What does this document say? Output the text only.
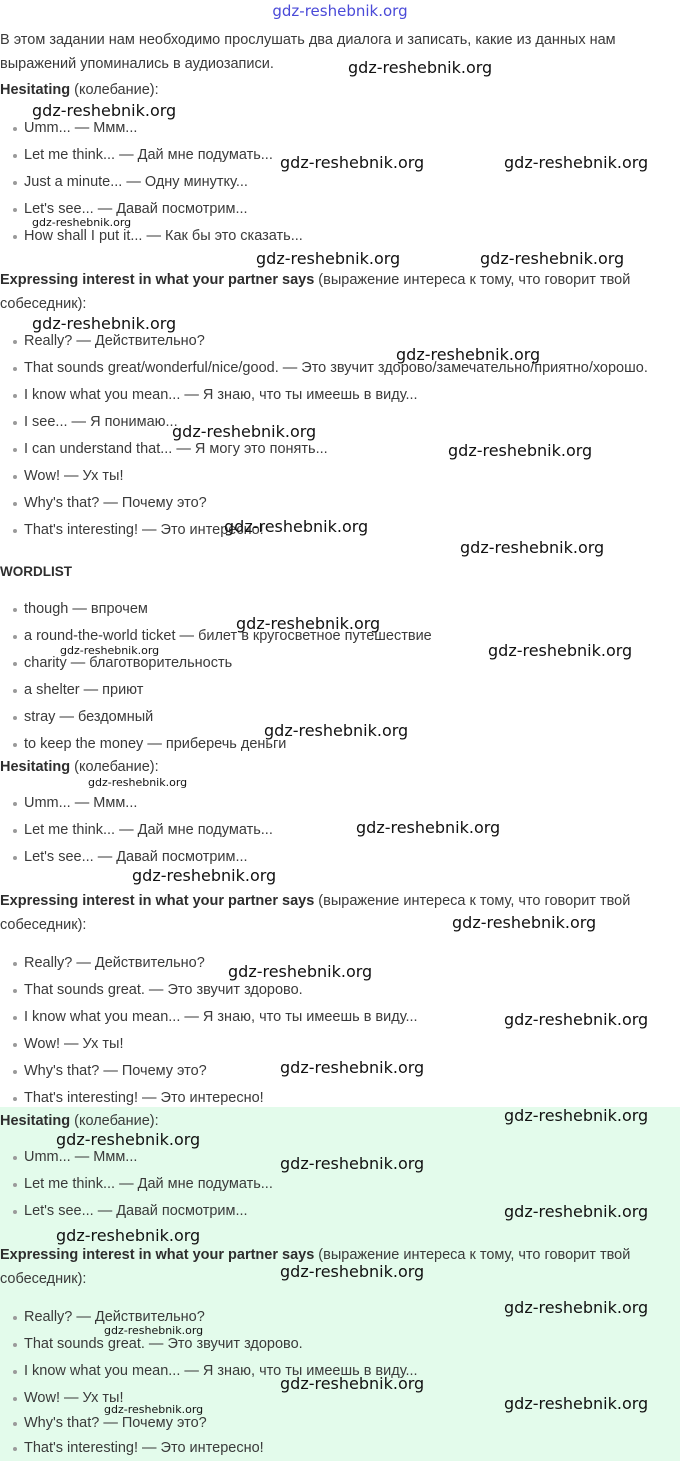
gdz-reshebnik.org
В этом задании нам необходимо прослушать два диалога и записать, какие из данных нам выражений упоминались в аудиозаписи.
Hesitating (колебание):
Umm... — Ммм...
Let me think... — Дай мне подумать...
Just a minute... — Одну минутку...
Let's see... — Давай посмотрим...
How shall I put it... — Как бы это сказать...
Expressing interest in what your partner says (выражение интереса к тому, что говорит твой собеседник):
Really? — Действительно?
That sounds great/wonderful/nice/good. — Это звучит здорово/замечательно/приятно/хорошо.
I know what you mean... — Я знаю, что ты имеешь в виду...
I see... — Я понимаю...
I can understand that... — Я могу это понять...
Wow! — Ух ты!
Why's that? — Почему это?
That's interesting! — Это интересно!
WORDLIST
though — впрочем
a round-the-world ticket — билет в кругосветное путешествие
charity — благотворительность
a shelter — приют
stray — бездомный
to keep the money — приберечь деньги
Hesitating (колебание):
Umm... — Ммм...
Let me think... — Дай мне подумать...
Let's see... — Давай посмотрим...
Expressing interest in what your partner says (выражение интереса к тому, что говорит твой собеседник):
Really? — Действительно?
That sounds great. — Это звучит здорово.
I know what you mean... — Я знаю, что ты имеешь в виду...
Wow! — Ух ты!
Why's that? — Почему это?
That's interesting! — Это интересно!
Hesitating (колебание):
Umm... — Ммм...
Let me think... — Дай мне подумать...
Let's see... — Давай посмотрим...
Expressing interest in what your partner says (выражение интереса к тому, что говорит твой собеседник):
Really? — Действительно?
That sounds great. — Это звучит здорово.
I know what you mean... — Я знаю, что ты имеешь в виду...
Wow! — Ух ты!
Why's that? — Почему это?
That's interesting! — Это интересно!
gdz-reshebnik.org
gdz-reshebnik.org
gdz-reshebnik.org	gdz-reshebnik.org
gdz-reshebnik.org
gdz-reshebnik.org	gdz-reshebnik.org
gdz-reshebnik.org
gdz-reshebnik.org
gdz-reshebnik.org
gdz-reshebnik.org
gdz-reshebnik.org
gdz-reshebnik.org
gdz-reshebnik.org
gdz-reshebnik.org	gdz-reshebnik.org
gdz-reshebnik.org
gdz-reshebnik.org
gdz-reshebnik.org
gdz-reshebnik.org
gdz-reshebnik.org
gdz-reshebnik.org
gdz-reshebnik.org
gdz-reshebnik.org
gdz-reshebnik.org
gdz-reshebnik.org
gdz-reshebnik.org
gdz-reshebnik.org
gdz-reshebnik.org
gdz-reshebnik.org
gdz-reshebnik.org
gdz-reshebnik.org
gdz-reshebnik.org
gdz-reshebnik.org	gdz-reshebnik.org
